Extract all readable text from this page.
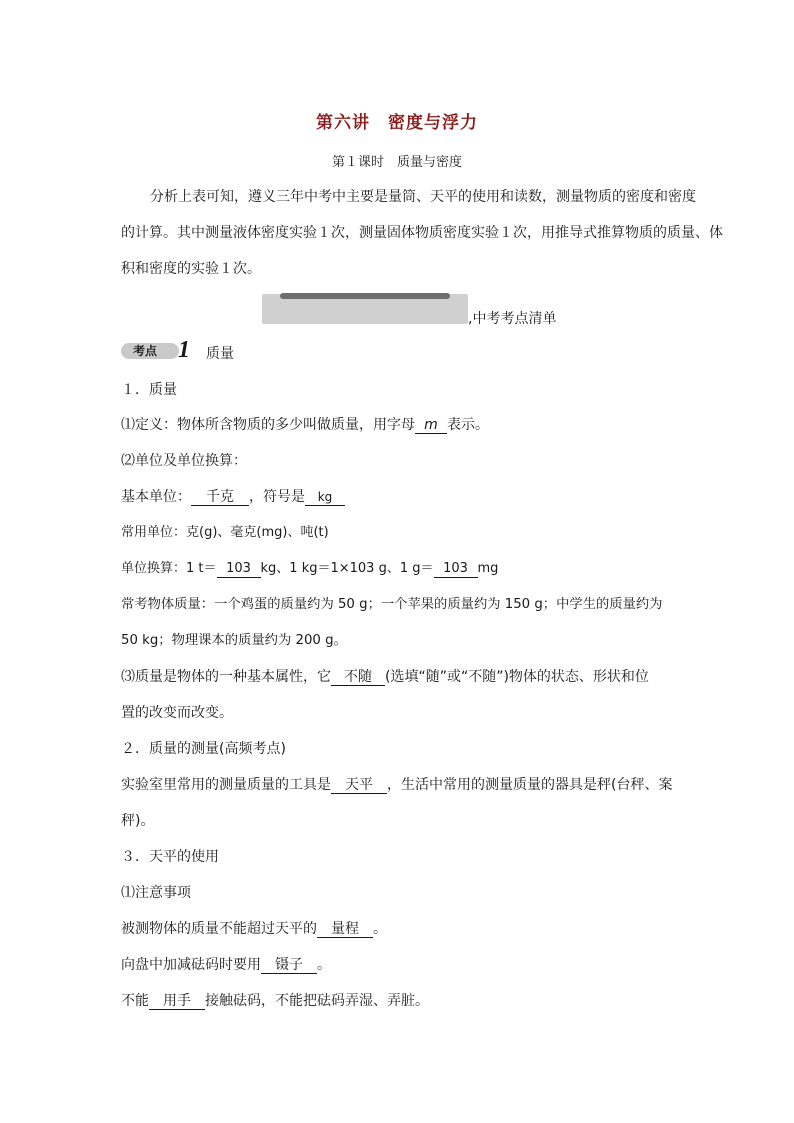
第六讲　密度与浮力
第１课时　质量与密度
分析上表可知，遵义三年中考中主要是量筒、天平的使用和读数，测量物质的密度和密度
的计算。其中测量液体密度实验１次，测量固体物质密度实验１次，用推导式推算物质的质量、体
积和密度的实验１次。
,中考考点清单
考点 1 质量
１．质量
⑴定义：物体所含物质的多少叫做质量，用字母 m 表示。
⑵单位及单位换算：
基本单位： 千克 ，符号是 kg
常用单位：克(g)、毫克(mg)、吨(t)
单位换算：1 t＝ 103 kg、1 kg＝1×103 g、1 g＝ 103 mg
常考物体质量：一个鸡蛋的质量约为 50 g；一个苹果的质量约为 150 g；中学生的质量约为
50 kg；物理课本的质量约为 200 g。
⑶质量是物体的一种基本属性，它 不随 (选填“随”或“不随”)物体的状态、形状和位
置的改变而改变。
２．质量的测量(高频考点)
实验室里常用的测量质量的工具是 天平 ，生活中常用的测量质量的器具是秤(台秤、案
秤)。
３．天平的使用
⑴注意事项
被测物体的质量不能超过天平的 量程 。
向盘中加减砝码时要用 镊子 。
不能 用手 接触砝码，不能把砝码弄湿、弄脏。
